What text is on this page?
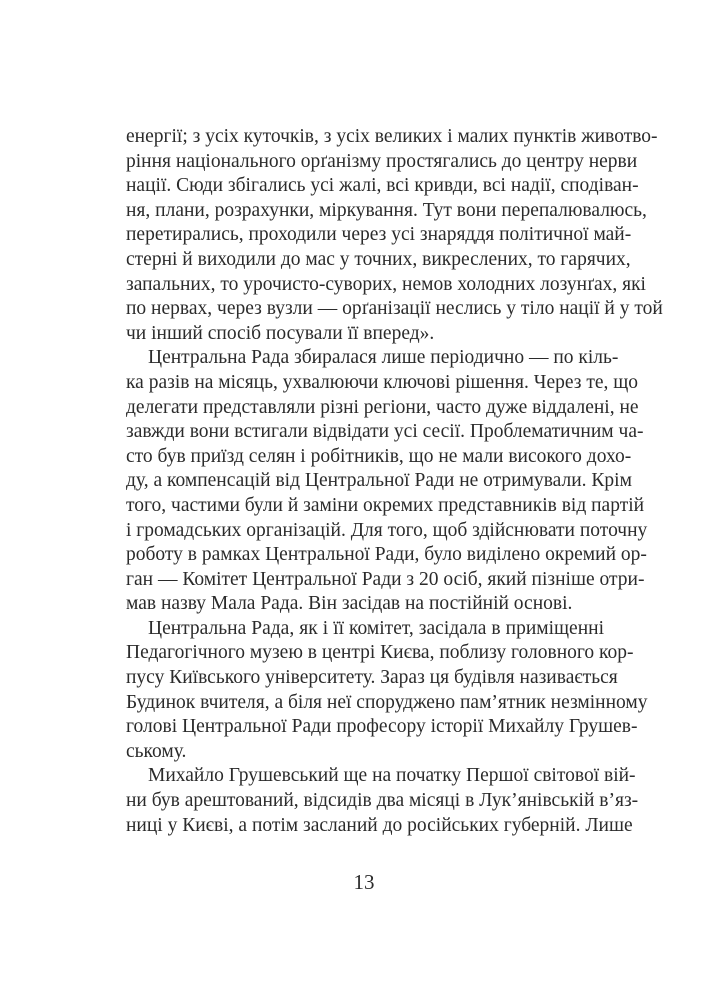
енергії; з усіх куточків, з усіх великих і малих пунктів животво-
ріння національного орґанізму простягались до центру нерви
нації. Сюди збігались усі жалі, всі кривди, всі надії, сподіван-
ня, плани, розрахунки, міркування. Тут вони перепалювалюсь,
перетирались, проходили через усі знаряддя політичної май-
стерні й виходили до мас у точних, викреслених, то гарячих,
запальних, то урочисто-суворих, немов холодних лозунґах, які
по нервах, через вузли — орґанізації неслись у тіло нації й у той
чи інший спосіб посували її вперед».
Центральна Рада збиралася лише періодично — по кіль-
ка разів на місяць, ухвалюючи ключові рішення. Через те, що
делегати представляли різні регіони, часто дуже віддалені, не
завжди вони встигали відвідати усі сесії. Проблематичним ча-
сто був приїзд селян і робітників, що не мали високого дохо-
ду, а компенсацій від Центральної Ради не отримували. Крім
того, частими були й заміни окремих представників від партій
і громадських організацій. Для того, щоб здійснювати поточну
роботу в рамках Центральної Ради, було виділено окремий ор-
ган — Комітет Центральної Ради з 20 осіб, який пізніше отри-
мав назву Мала Рада. Він засідав на постійній основі.
Центральна Рада, як і її комітет, засідала в приміщенні
Педагогічного музею в центрі Києва, поблизу головного кор-
пусу Київського університету. Зараз ця будівля називається
Будинок вчителя, а біля неї споруджено пам’ятник незмінному
голові Центральної Ради професору історії Михайлу Грушев-
ському.
Михайло Грушевський ще на початку Першої світової вій-
ни був арештований, відсидів два місяці в Лук’янівській в’яз-
ниці у Києві, а потім засланий до російських губерній. Лише
13
